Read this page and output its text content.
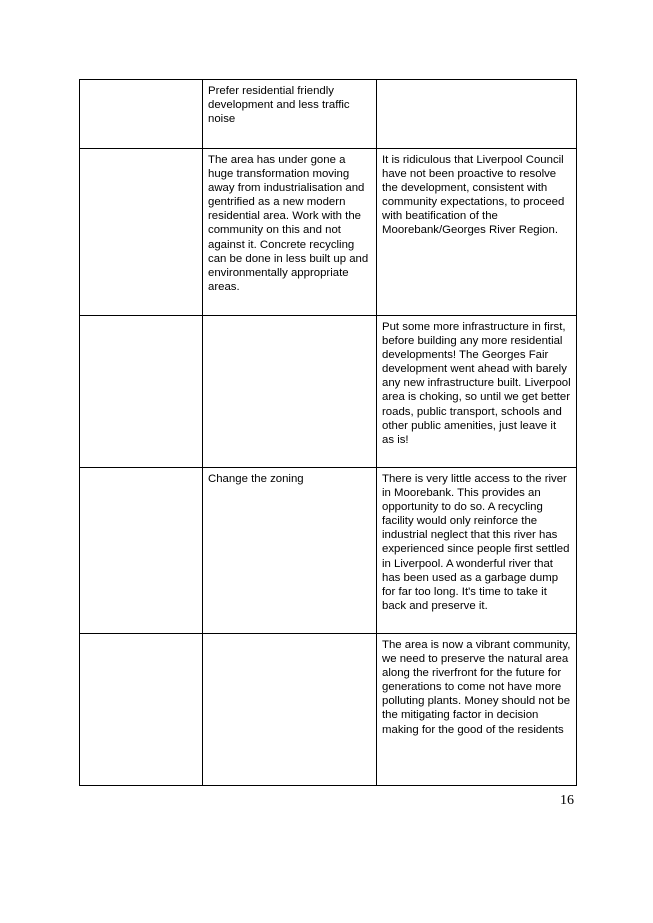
	Prefer residential friendly development and less traffic noise	

	The area has under gone a huge transformation moving away from industrialisation and gentrified as a new modern residential area. Work with the community on this and not against it. Concrete recycling can be done in less built up and environmentally appropriate areas.	It is ridiculous that Liverpool Council have not been proactive to resolve the development, consistent with community expectations, to proceed with beatification of the Moorebank/Georges River Region.

		Put some more infrastructure in first, before building any more residential developments! The Georges Fair development went ahead with barely any new infrastructure built. Liverpool area is choking, so until we get better roads, public transport, schools and other public amenities, just leave it as is!

	Change the zoning	There is very little access to the river in Moorebank. This provides an opportunity to do so. A recycling facility would only reinforce the industrial neglect that this river has experienced since people first settled in Liverpool. A wonderful river that has been used as a garbage dump for far too long. It's time to take it back and preserve it.

		The area is now a vibrant community, we need to preserve the natural area along the riverfront for the future for generations to come not have more polluting plants. Money should not be the mitigating factor in decision making for the good of the residents
16
